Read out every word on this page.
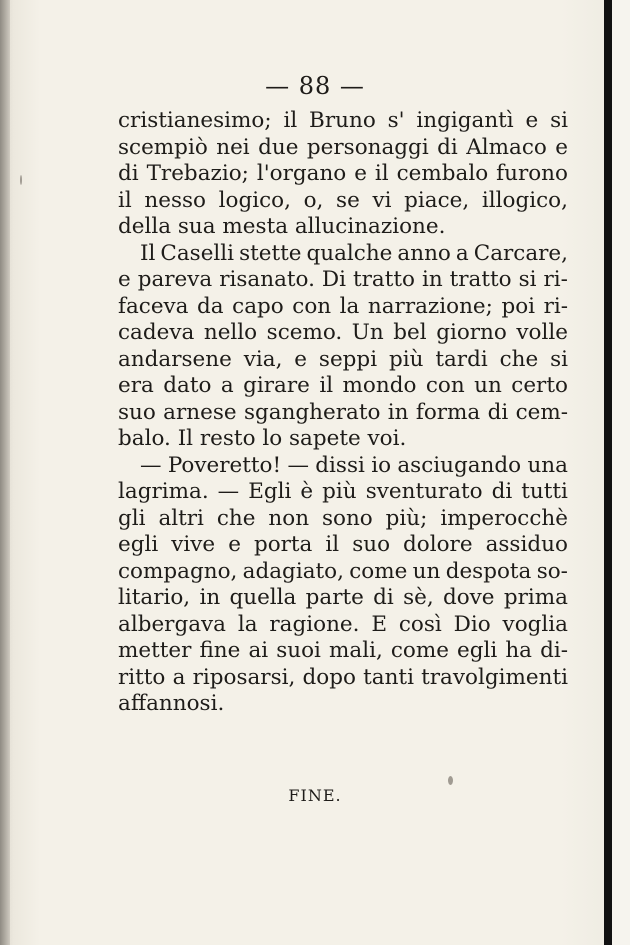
— 88 —
cristianesimo; il Bruno s' ingigantì e si
scempiò nei due personaggi di Almaco e
di Trebazio; l'organo e il cembalo furono
il nesso logico, o, se vi piace, illogico,
della sua mesta allucinazione.
Il Caselli stette qualche anno a Carcare,
e pareva risanato. Di tratto in tratto si ri-
faceva da capo con la narrazione; poi ri-
cadeva nello scemo. Un bel giorno volle
andarsene via, e seppi più tardi che si
era dato a girare il mondo con un certo
suo arnese sgangherato in forma di cem-
balo. Il resto lo sapete voi.
— Poveretto! — dissi io asciugando una
lagrima. — Egli è più sventurato di tutti
gli altri che non sono più; imperocchè
egli vive e porta il suo dolore assiduo
compagno, adagiato, come un despota so-
litario, in quella parte di sè, dove prima
albergava la ragione. E così Dio voglia
metter fine ai suoi mali, come egli ha di-
ritto a riposarsi, dopo tanti travolgimenti
affannosi.
FINE.
